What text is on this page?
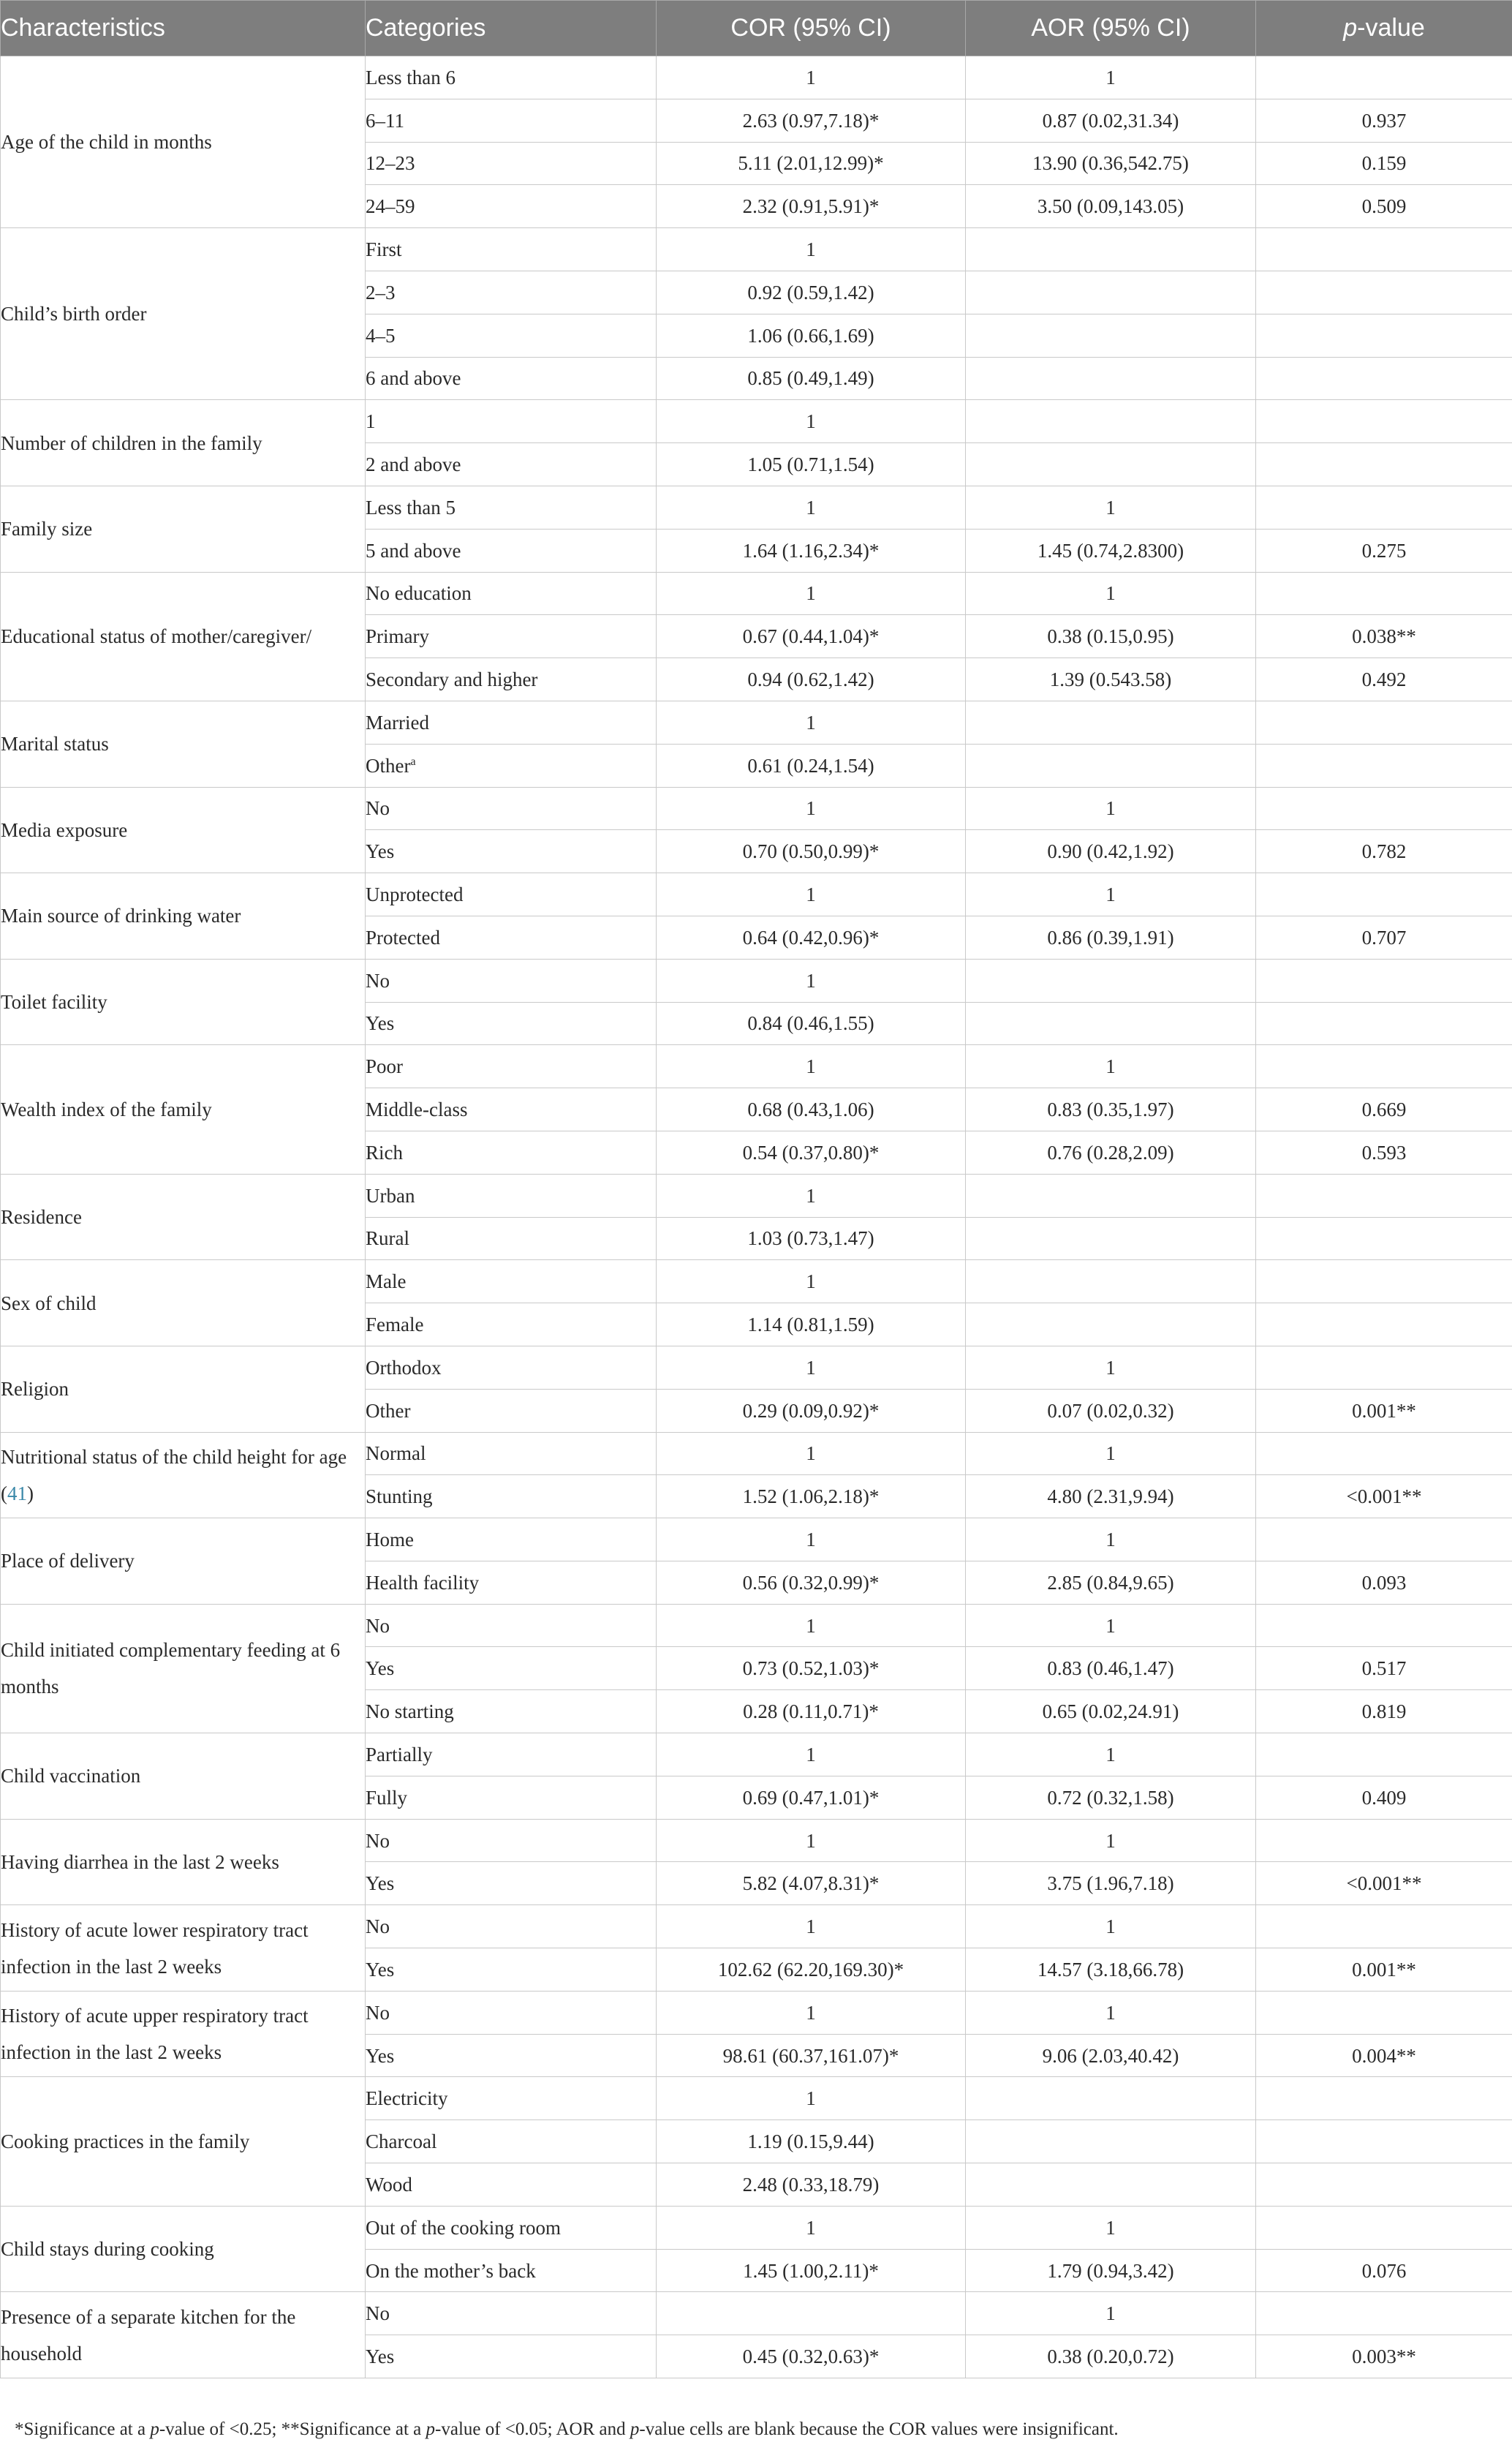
Characteristics	Categories	COR (95% CI)	AOR (95% CI)	p-value
Age of the child in months	Less than 6	1	1	
	6–11	2.63 (0.97,7.18)*	0.87 (0.02,31.34)	0.937
	12–23	5.11 (2.01,12.99)*	13.90 (0.36,542.75)	0.159
	24–59	2.32 (0.91,5.91)*	3.50 (0.09,143.05)	0.509
Child’s birth order	First	1		
	2–3	0.92 (0.59,1.42)		
	4–5	1.06 (0.66,1.69)		
	6 and above	0.85 (0.49,1.49)		
Number of children in the family	1	1		
	2 and above	1.05 (0.71,1.54)		
Family size	Less than 5	1	1	
	5 and above	1.64 (1.16,2.34)*	1.45 (0.74,2.8300)	0.275
Educational status of mother/caregiver/	No education	1	1	
	Primary	0.67 (0.44,1.04)*	0.38 (0.15,0.95)	0.038**
	Secondary and higher	0.94 (0.62,1.42)	1.39 (0.543.58)	0.492
Marital status	Married	1		
	Other$^a$	0.61 (0.24,1.54)		
Media exposure	No	1	1	
	Yes	0.70 (0.50,0.99)*	0.90 (0.42,1.92)	0.782
Main source of drinking water	Unprotected	1	1	
	Protected	0.64 (0.42,0.96)*	0.86 (0.39,1.91)	0.707
Toilet facility	No	1		
	Yes	0.84 (0.46,1.55)		
Wealth index of the family	Poor	1	1	
	Middle-class	0.68 (0.43,1.06)	0.83 (0.35,1.97)	0.669
	Rich	0.54 (0.37,0.80)*	0.76 (0.28,2.09)	0.593
Residence	Urban	1		
	Rural	1.03 (0.73,1.47)		
Sex of child	Male	1		
	Female	1.14 (0.81,1.59)		
Religion	Orthodox	1	1	
	Other	0.29 (0.09,0.92)*	0.07 (0.02,0.32)	0.001**
Nutritional status of the child height for age (41)	Normal	1	1	
	Stunting	1.52 (1.06,2.18)*	4.80 (2.31,9.94)	<0.001**
Place of delivery	Home	1	1	
	Health facility	0.56 (0.32,0.99)*	2.85 (0.84,9.65)	0.093
Child initiated complementary feeding at 6 months	No	1	1	
	Yes	0.73 (0.52,1.03)*	0.83 (0.46,1.47)	0.517
	No starting	0.28 (0.11,0.71)*	0.65 (0.02,24.91)	0.819
Child vaccination	Partially	1	1	
	Fully	0.69 (0.47,1.01)*	0.72 (0.32,1.58)	0.409
Having diarrhea in the last 2 weeks	No	1	1	
	Yes	5.82 (4.07,8.31)*	3.75 (1.96,7.18)	<0.001**
History of acute lower respiratory tract infection in the last 2 weeks	No	1	1	
	Yes	102.62 (62.20,169.30)*	14.57 (3.18,66.78)	0.001**
History of acute upper respiratory tract infection in the last 2 weeks	No	1	1	
	Yes	98.61 (60.37,161.07)*	9.06 (2.03,40.42)	0.004**
Cooking practices in the family	Electricity	1		
	Charcoal	1.19 (0.15,9.44)		
	Wood	2.48 (0.33,18.79)		
Child stays during cooking	Out of the cooking room	1	1	
	On the mother’s back	1.45 (1.00,2.11)*	1.79 (0.94,3.42)	0.076
Presence of a separate kitchen for the household	No		1	
	Yes	0.45 (0.32,0.63)*	0.38 (0.20,0.72)	0.003**
*Significance at a p-value of <0.25; **Significance at a p-value of <0.05; AOR and p-value cells are blank because the COR values were insignificant.
